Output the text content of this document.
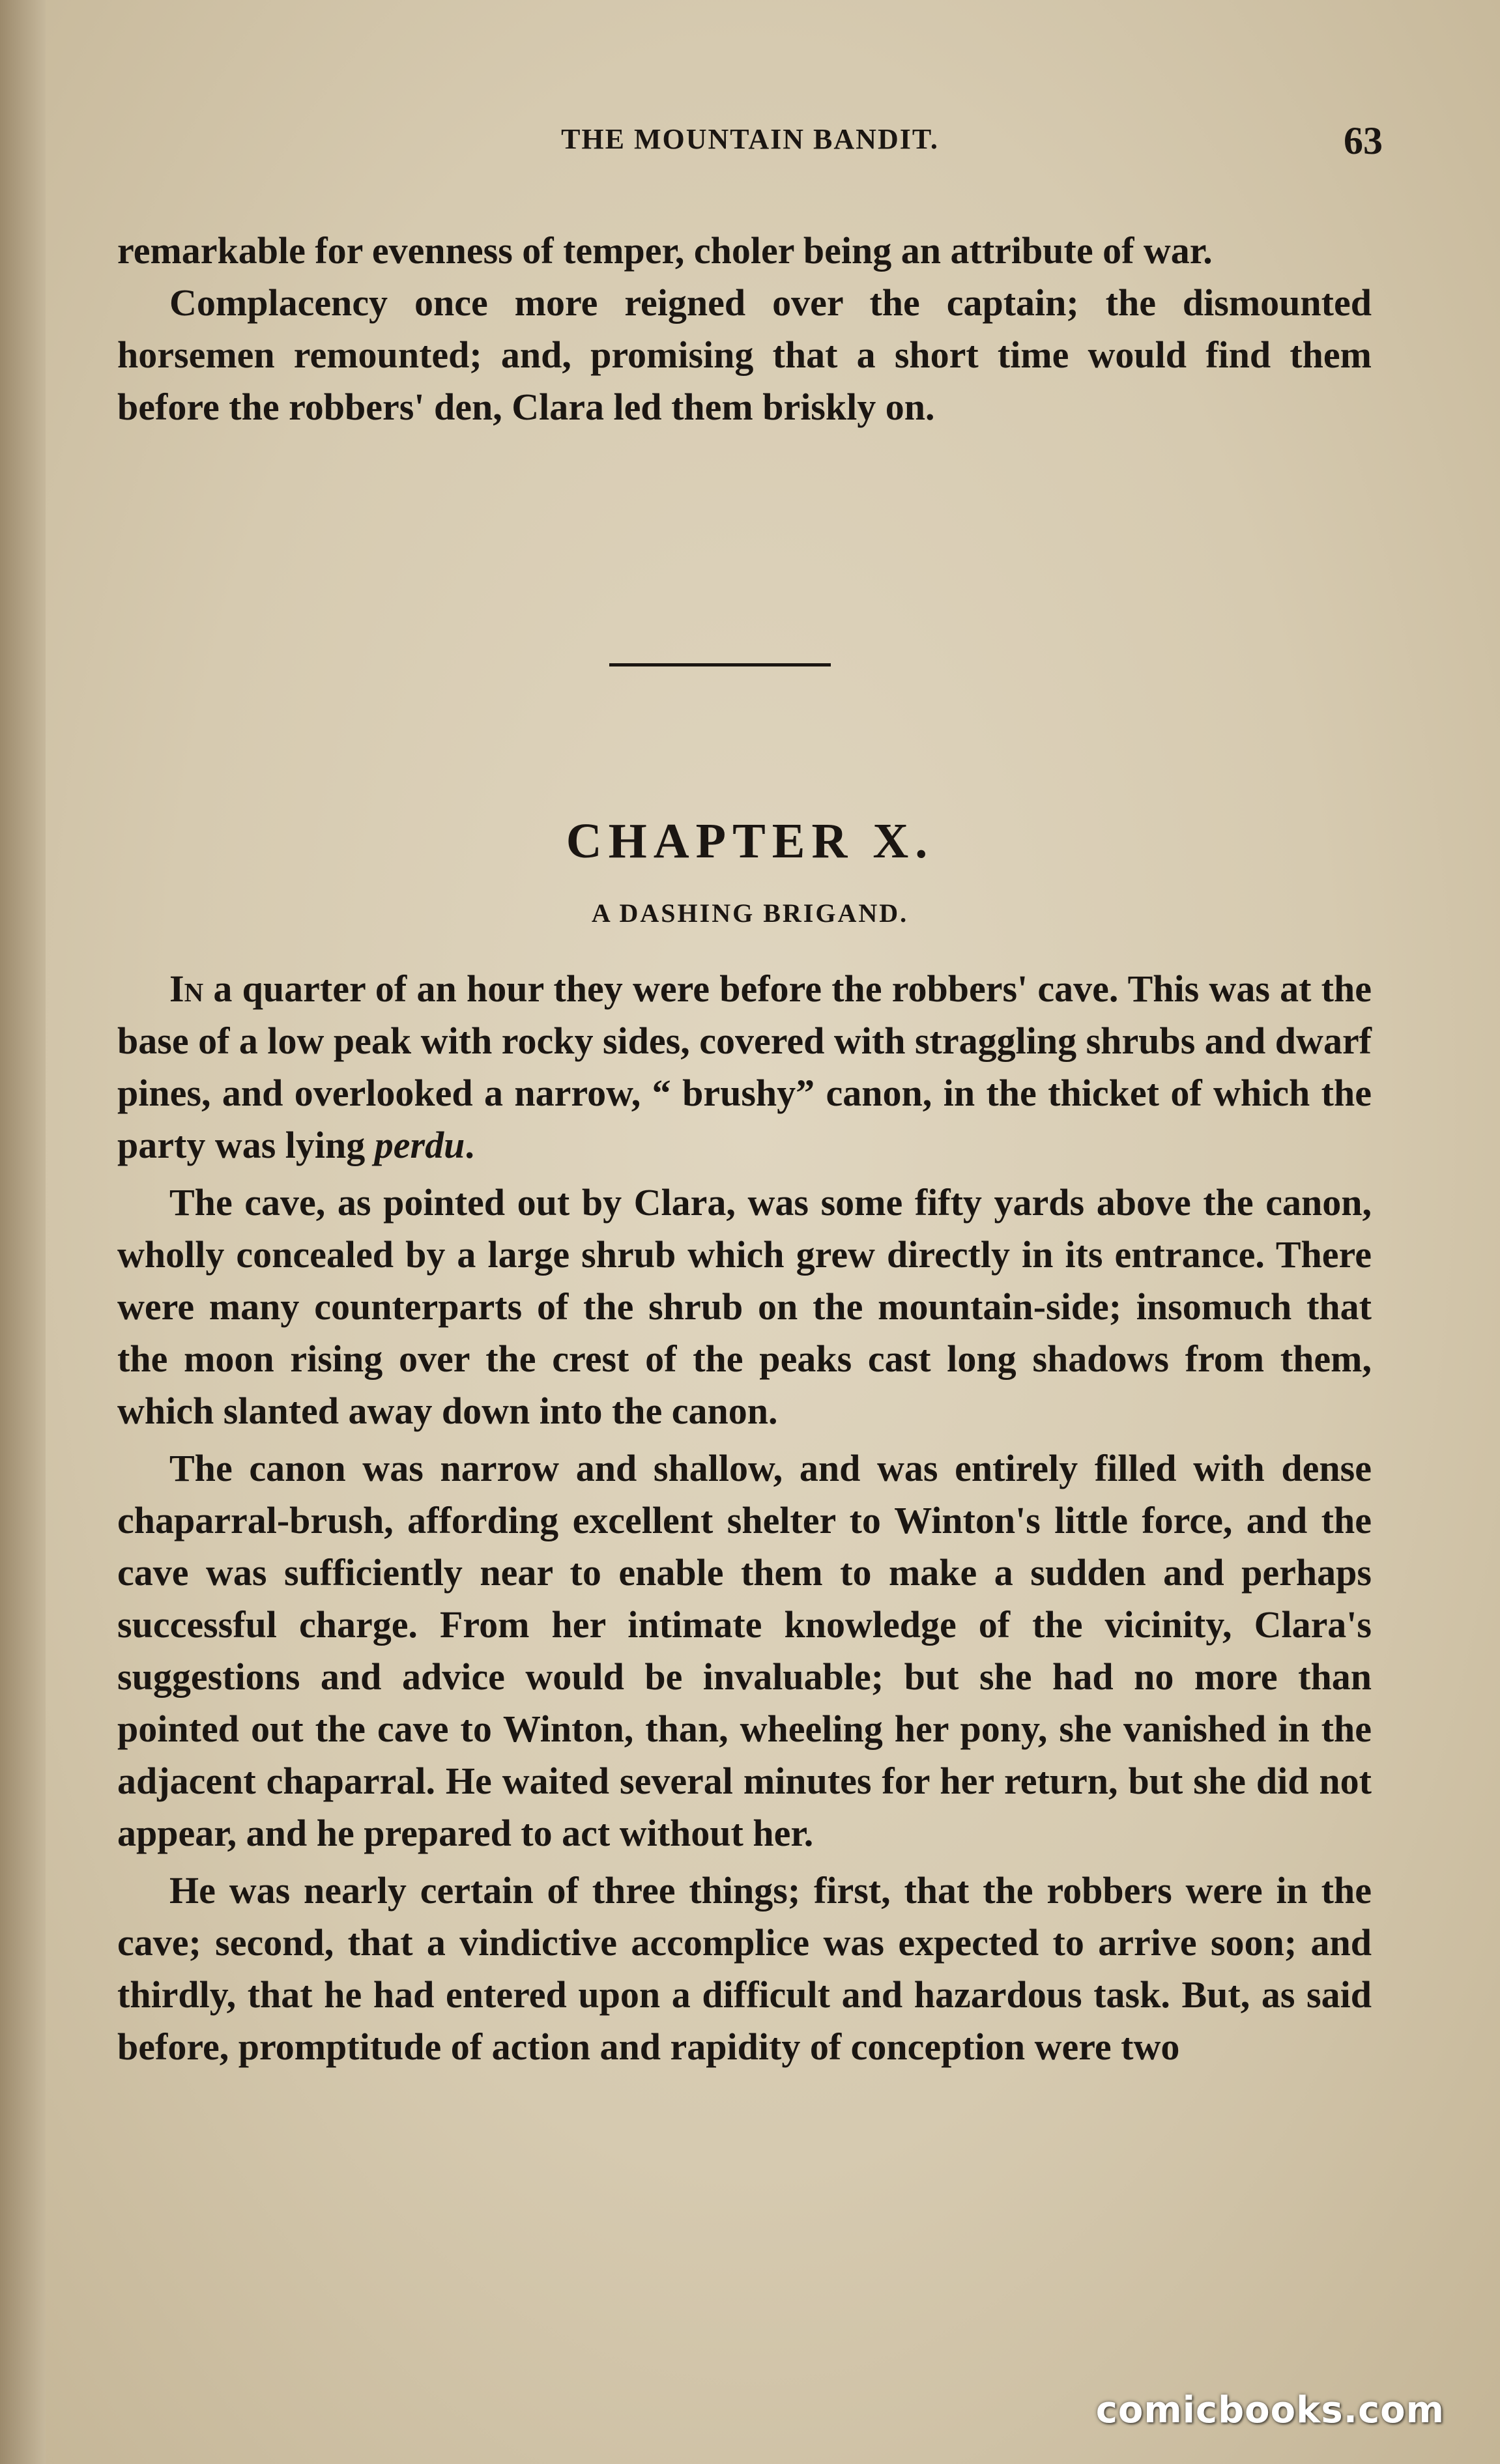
THE MOUNTAIN BANDIT.	63

remarkable for evenness of temper, choler being an attribute of war.

Complacency once more reigned over the captain; the dismounted horsemen remounted; and, promising that a short time would find them before the robbers' den, Clara led them briskly on.

CHAPTER X.
A DASHING BRIGAND.

In a quarter of an hour they were before the robbers' cave. This was at the base of a low peak with rocky sides, covered with straggling shrubs and dwarf pines, and overlooked a narrow, “ brushy” canon, in the thicket of which the party was lying perdu.

The cave, as pointed out by Clara, was some fifty yards above the canon, wholly concealed by a large shrub which grew directly in its entrance. There were many counterparts of the shrub on the mountain-side; insomuch that the moon rising over the crest of the peaks cast long shadows from them, which slanted away down into the canon.

The canon was narrow and shallow, and was entirely filled with dense chaparral-brush, affording excellent shelter to Winton's little force, and the cave was sufficiently near to enable them to make a sudden and perhaps successful charge. From her intimate knowledge of the vicinity, Clara's suggestions and advice would be invaluable; but she had no more than pointed out the cave to Winton, than, wheeling her pony, she vanished in the adjacent chaparral. He waited several minutes for her return, but she did not appear, and he prepared to act without her.

He was nearly certain of three things; first, that the robbers were in the cave; second, that a vindictive accomplice was expected to arrive soon; and thirdly, that he had entered upon a difficult and hazardous task. But, as said before, promptitude of action and rapidity of conception were two

comicbooks.com
